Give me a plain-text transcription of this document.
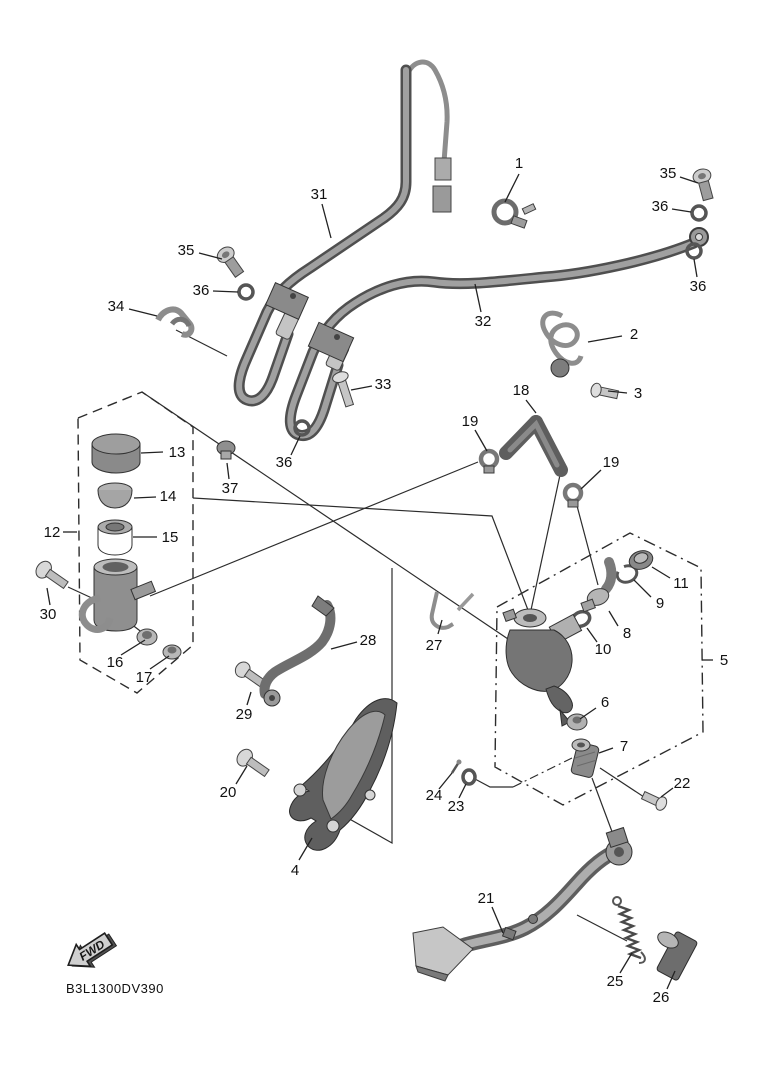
FWD
B3L1300DV390
1
2
3
4
5
6
7
8
9
10
11
12
13
14
15
16
17
18
19
19
20
21
22
23
24
25
26
27
28
29
30
31
32
33
34
35
35
36
36
36
36
37
